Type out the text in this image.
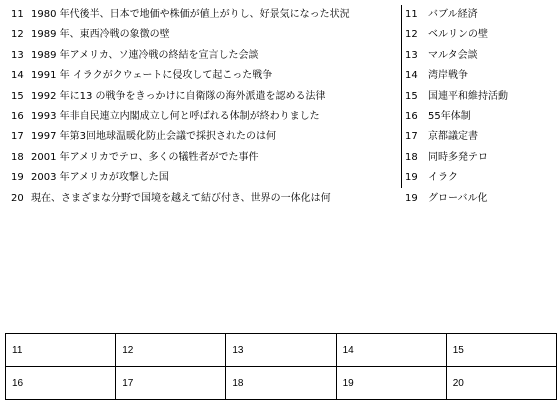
11 1980 年代後半、日本で地価や株価が値上がりし、好景気になった状況
12 1989 年、東西冷戦の象徴の壁
13 1989 年アメリカ、ソ連冷戦の終結を宣言した会談
14 1991 年 イラクがクウェートに侵攻して起こった戦争
15 1992 年に13 の戦争をきっかけに自衛隊の海外派遣を認める法律
16 1993 年非自民連立内閣成立し何と呼ばれる体制が終わりました
17 1997 年第3回地球温暖化防止会議で採択されたのは何
18 2001 年アメリカでテロ、多くの犠牲者がでた事件
19 2003 年アメリカが攻撃した国
20 現在、さまざまな分野で国境を越えて結び付き、世界の一体化は何
11 バブル経済
12 ベルリンの壁
13 マルタ会談
14 湾岸戦争
15 国連平和維持活動
16 55年体制
17 京都議定書
18 同時多発テロ
19 イラク
19 グローバル化
11	12	13	14	15
16	17	18	19	20
